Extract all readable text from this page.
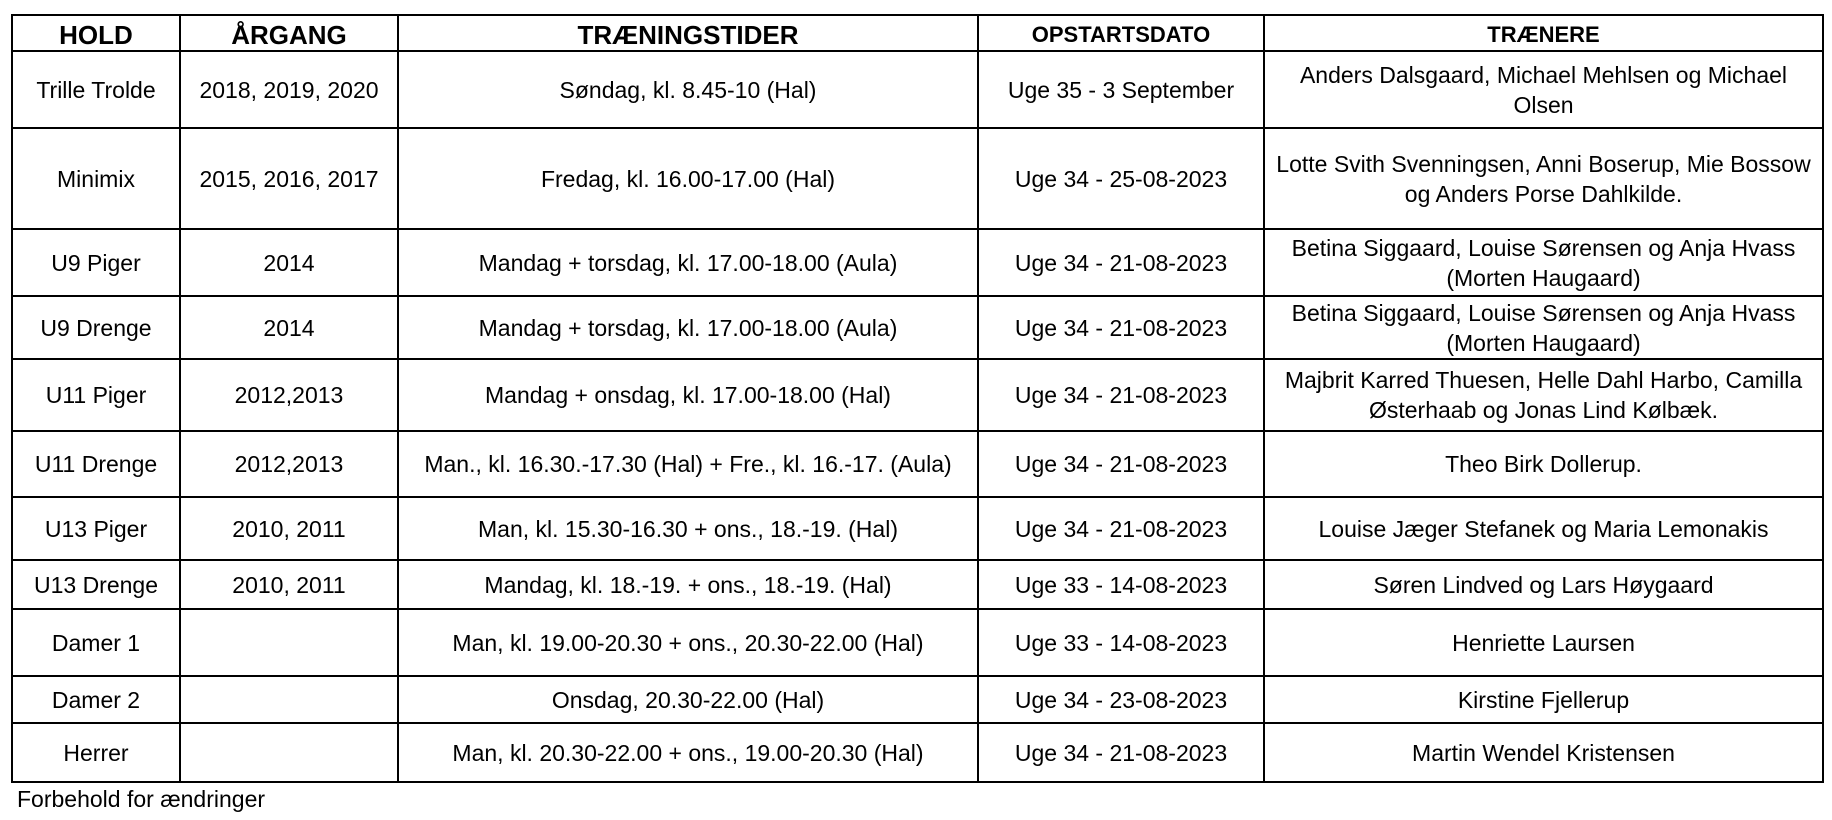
HOLD	ÅRGANG	TRÆNINGSTIDER	OPSTARTSDATO	TRÆNERE
Trille Trolde	2018, 2019, 2020	Søndag, kl. 8.45-10 (Hal)	Uge 35 - 3 September	Anders Dalsgaard, Michael Mehlsen og Michael Olsen
Minimix	2015, 2016, 2017	Fredag, kl. 16.00-17.00 (Hal)	Uge 34 - 25-08-2023	Lotte Svith Svenningsen, Anni Boserup, Mie Bossow og Anders Porse Dahlkilde.
U9 Piger	2014	Mandag + torsdag, kl. 17.00-18.00 (Aula)	Uge 34 - 21-08-2023	Betina Siggaard, Louise Sørensen og Anja Hvass (Morten Haugaard)
U9 Drenge	2014	Mandag + torsdag, kl. 17.00-18.00 (Aula)	Uge 34 - 21-08-2023	Betina Siggaard, Louise Sørensen og Anja Hvass (Morten Haugaard)
U11 Piger	2012,2013	Mandag + onsdag, kl. 17.00-18.00 (Hal)	Uge 34 - 21-08-2023	Majbrit Karred Thuesen, Helle Dahl Harbo, Camilla Østerhaab og Jonas Lind Kølbæk.
U11 Drenge	2012,2013	Man., kl. 16.30.-17.30 (Hal) + Fre., kl. 16.-17. (Aula)	Uge 34 - 21-08-2023	Theo Birk Dollerup.
U13 Piger	2010, 2011	Man, kl. 15.30-16.30 + ons., 18.-19. (Hal)	Uge 34 - 21-08-2023	Louise Jæger Stefanek og Maria Lemonakis
U13 Drenge	2010, 2011	Mandag, kl. 18.-19. + ons., 18.-19. (Hal)	Uge 33 - 14-08-2023	Søren Lindved og Lars Høygaard
Damer 1		Man, kl. 19.00-20.30 + ons., 20.30-22.00 (Hal)	Uge 33 - 14-08-2023	Henriette Laursen
Damer 2		Onsdag, 20.30-22.00 (Hal)	Uge 34 - 23-08-2023	Kirstine Fjellerup
Herrer		Man, kl. 20.30-22.00 + ons., 19.00-20.30 (Hal)	Uge 34 - 21-08-2023	Martin Wendel Kristensen
Forbehold for ændringer
